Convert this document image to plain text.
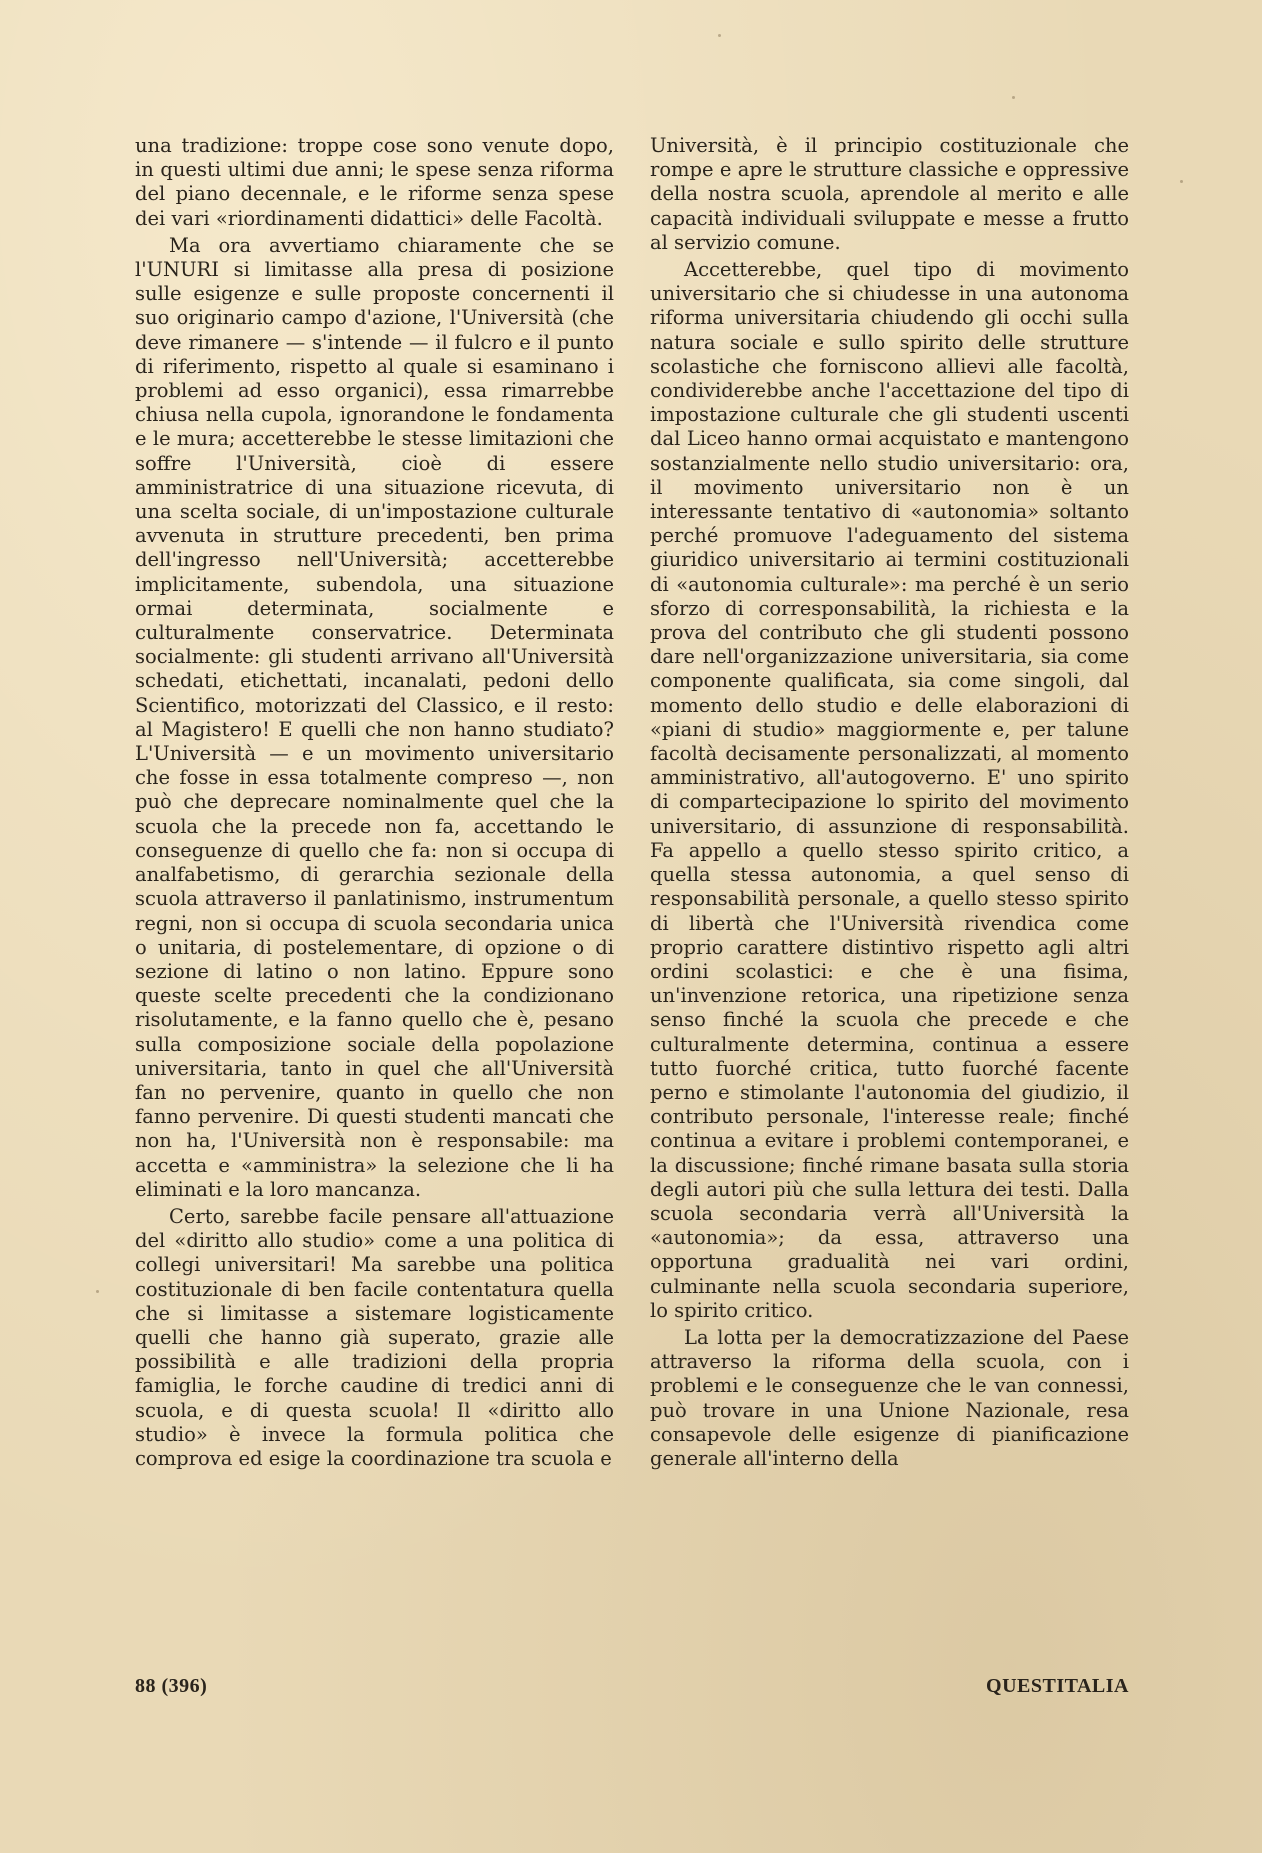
una tradizione: troppe cose sono venute dopo, in questi ultimi due anni; le spese senza riforma del piano decennale, e le riforme senza spese dei vari «riordinamenti didattici» delle Facoltà.

Ma ora avvertiamo chiaramente che se l'UNURI si limitasse alla presa di posizione sulle esigenze e sulle proposte concernenti il suo originario campo d'azione, l'Università (che deve rimanere — s'intende — il fulcro e il punto di riferimento, rispetto al quale si esaminano i problemi ad esso organici), essa rimarrebbe chiusa nella cupola, ignorandone le fondamenta e le mura; accetterebbe le stesse limitazioni che soffre l'Università, cioè di essere amministratrice di una situazione ricevuta, di una scelta sociale, di un'impostazione culturale avvenuta in strutture precedenti, ben prima dell'ingresso nell'Università; accetterebbe implicitamente, subendola, una situazione ormai determinata, socialmente e culturalmente conservatrice. Determinata socialmente: gli studenti arrivano all'Università schedati, etichettati, incanalati, pedoni dello Scientifico, motorizzati del Classico, e il resto: al Magistero! E quelli che non hanno studiato? L'Università — e un movimento universitario che fosse in essa totalmente compreso —, non può che deprecare nominalmente quel che la scuola che la precede non fa, accettando le conseguenze di quello che fa: non si occupa di analfabetismo, di gerarchia sezionale della scuola attraverso il panlatinismo, instrumentum regni, non si occupa di scuola secondaria unica o unitaria, di postelementare, di opzione o di sezione di latino o non latino. Eppure sono queste scelte precedenti che la condizionano risolutamente, e la fanno quello che è, pesano sulla composizione sociale della popolazione universitaria, tanto in quel che all'Università fan no pervenire, quanto in quello che non fanno pervenire. Di questi studenti mancati che non ha, l'Università non è responsabile: ma accetta e «amministra» la selezione che li ha eliminati e la loro mancanza.

Certo, sarebbe facile pensare all'attuazione del «diritto allo studio» come a una politica di collegi universitari! Ma sarebbe una politica costituzionale di ben facile contentatura quella che si limitasse a sistemare logisticamente quelli che hanno già superato, grazie alle possibilità e alle tradizioni della propria famiglia, le forche caudine di tredici anni di scuola, e di questa scuola! Il «diritto allo studio» è invece la formula politica che comprova ed esige la coordinazione tra scuola e

Università, è il principio costituzionale che rompe e apre le strutture classiche e oppressive della nostra scuola, aprendole al merito e alle capacità individuali sviluppate e messe a frutto al servizio comune.

Accetterebbe, quel tipo di movimento universitario che si chiudesse in una autonoma riforma universitaria chiudendo gli occhi sulla natura sociale e sullo spirito delle strutture scolastiche che forniscono allievi alle facoltà, condividerebbe anche l'accettazione del tipo di impostazione culturale che gli studenti uscenti dal Liceo hanno ormai acquistato e mantengono sostanzialmente nello studio universitario: ora, il movimento universitario non è un interessante tentativo di «autonomia» soltanto perché promuove l'adeguamento del sistema giuridico universitario ai termini costituzionali di «autonomia culturale»: ma perché è un serio sforzo di corresponsabilità, la richiesta e la prova del contributo che gli studenti possono dare nell'organizzazione universitaria, sia come componente qualificata, sia come singoli, dal momento dello studio e delle elaborazioni di «piani di studio» maggiormente e, per talune facoltà decisamente personalizzati, al momento amministrativo, all'autogoverno. E' uno spirito di compartecipazione lo spirito del movimento universitario, di assunzione di responsabilità. Fa appello a quello stesso spirito critico, a quella stessa autonomia, a quel senso di responsabilità personale, a quello stesso spirito di libertà che l'Università rivendica come proprio carattere distintivo rispetto agli altri ordini scolastici: e che è una fisima, un'invenzione retorica, una ripetizione senza senso finché la scuola che precede e che culturalmente determina, continua a essere tutto fuorché critica, tutto fuorché facente perno e stimolante l'autonomia del giudizio, il contributo personale, l'interesse reale; finché continua a evitare i problemi contemporanei, e la discussione; finché rimane basata sulla storia degli autori più che sulla lettura dei testi. Dalla scuola secondaria verrà all'Università la «autonomia»; da essa, attraverso una opportuna gradualità nei vari ordini, culminante nella scuola secondaria superiore, lo spirito critico.

La lotta per la democratizzazione del Paese attraverso la riforma della scuola, con i problemi e le conseguenze che le van connessi, può trovare in una Unione Nazionale, resa consapevole delle esigenze di pianificazione generale all'interno della

88 (396)	QUESTITALIA
